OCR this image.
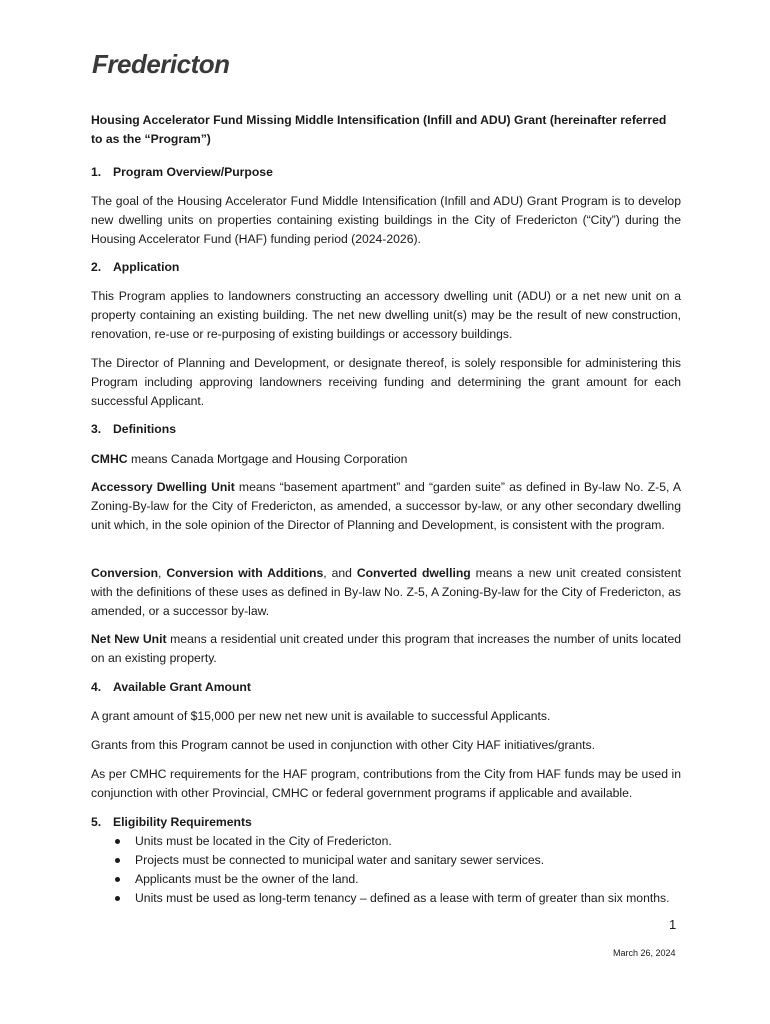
Fredericton
Housing Accelerator Fund Missing Middle Intensification (Infill and ADU) Grant (hereinafter referred to as the “Program”)
1. Program Overview/Purpose
The goal of the Housing Accelerator Fund Middle Intensification (Infill and ADU) Grant Program is to develop new dwelling units on properties containing existing buildings in the City of Fredericton (“City”) during the Housing Accelerator Fund (HAF) funding period (2024-2026).
2. Application
This Program applies to landowners constructing an accessory dwelling unit (ADU) or a net new unit on a property containing an existing building. The net new dwelling unit(s) may be the result of new construction, renovation, re-use or re-purposing of existing buildings or accessory buildings.
The Director of Planning and Development, or designate thereof, is solely responsible for administering this Program including approving landowners receiving funding and determining the grant amount for each successful Applicant.
3. Definitions
CMHC means Canada Mortgage and Housing Corporation
Accessory Dwelling Unit means “basement apartment” and “garden suite” as defined in By-law No. Z-5, A Zoning-By-law for the City of Fredericton, as amended, a successor by-law, or any other secondary dwelling unit which, in the sole opinion of the Director of Planning and Development, is consistent with the program.
Conversion, Conversion with Additions, and Converted dwelling means a new unit created consistent with the definitions of these uses as defined in By-law No. Z-5, A Zoning-By-law for the City of Fredericton, as amended, or a successor by-law.
Net New Unit means a residential unit created under this program that increases the number of units located on an existing property.
4. Available Grant Amount
A grant amount of $15,000 per new net new unit is available to successful Applicants.
Grants from this Program cannot be used in conjunction with other City HAF initiatives/grants.
As per CMHC requirements for the HAF program, contributions from the City from HAF funds may be used in conjunction with other Provincial, CMHC or federal government programs if applicable and available.
5. Eligibility Requirements
Units must be located in the City of Fredericton.
Projects must be connected to municipal water and sanitary sewer services.
Applicants must be the owner of the land.
Units must be used as long-term tenancy – defined as a lease with term of greater than six months.
1
March 26, 2024
